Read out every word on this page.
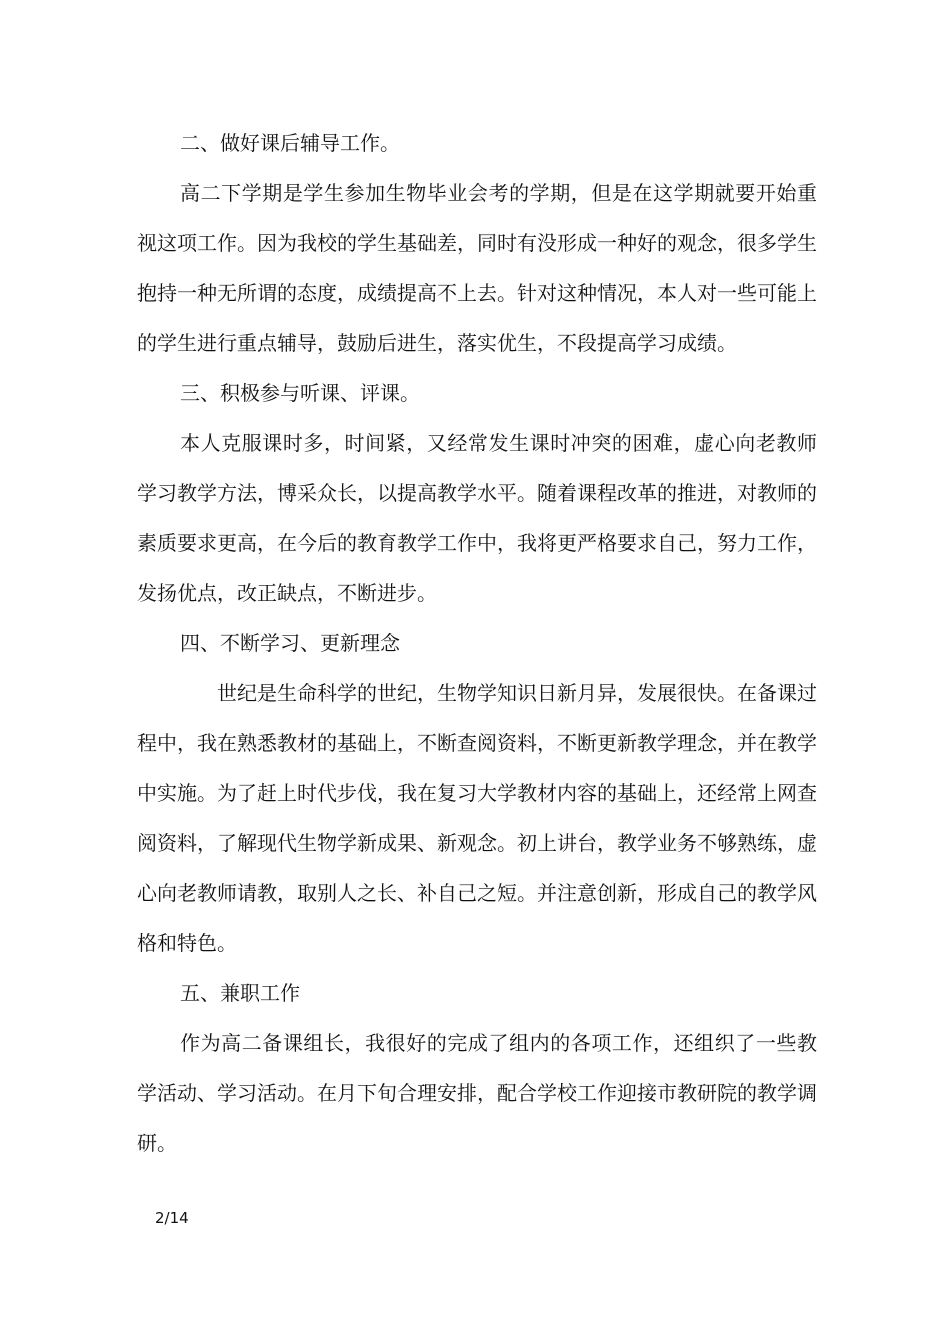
二、做好课后辅导工作。

高二下学期是学生参加生物毕业会考的学期，但是在这学期就要开始重视这项工作。因为我校的学生基础差，同时有没形成一种好的观念，很多学生抱持一种无所谓的态度，成绩提高不上去。针对这种情况，本人对一些可能上的学生进行重点辅导，鼓励后进生，落实优生，不段提高学习成绩。

三、积极参与听课、评课。

本人克服课时多，时间紧，又经常发生课时冲突的困难，虚心向老教师学习教学方法，博采众长，以提高教学水平。随着课程改革的推进，对教师的素质要求更高，在今后的教育教学工作中，我将更严格要求自己，努力工作，发扬优点，改正缺点，不断进步。

四、不断学习、更新理念

世纪是生命科学的世纪，生物学知识日新月异，发展很快。在备课过程中，我在熟悉教材的基础上，不断查阅资料，不断更新教学理念，并在教学中实施。为了赶上时代步伐，我在复习大学教材内容的基础上，还经常上网查阅资料，了解现代生物学新成果、新观念。初上讲台，教学业务不够熟练，虚心向老教师请教，取别人之长、补自己之短。并注意创新，形成自己的教学风格和特色。

五、兼职工作

作为高二备课组长，我很好的完成了组内的各项工作，还组织了一些教学活动、学习活动。在月下旬合理安排，配合学校工作迎接市教研院的教学调研。

2/14
